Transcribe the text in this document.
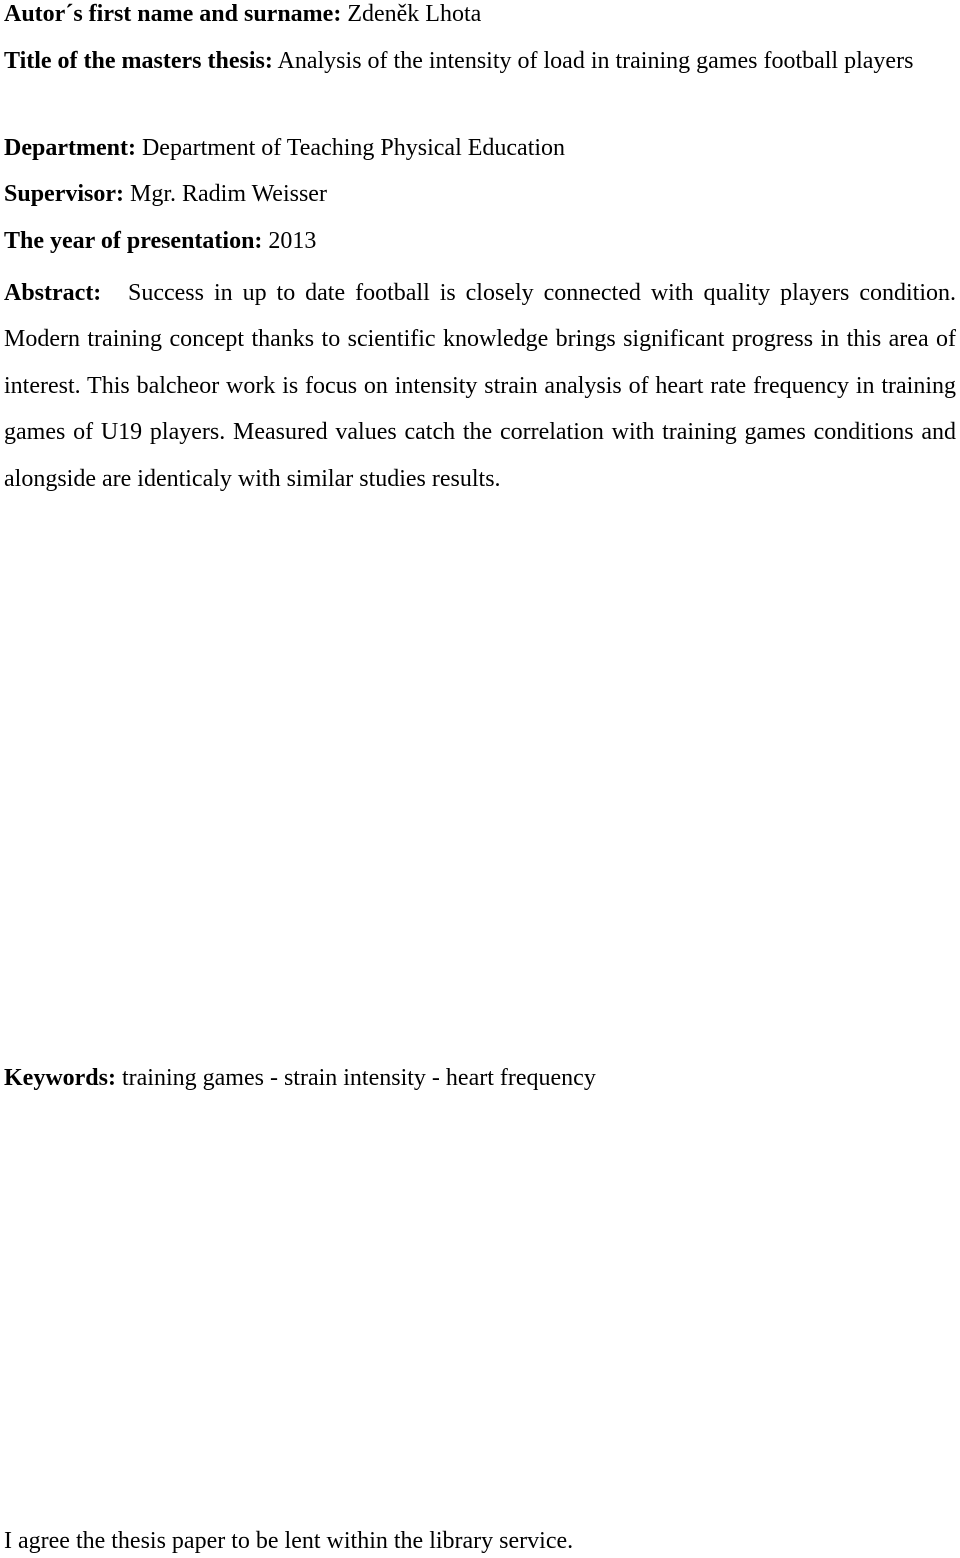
Autor´s first name and surname: Zdeněk Lhota
Title of the masters thesis: Analysis of the intensity of load in training games football players
Department: Department of Teaching Physical Education
Supervisor: Mgr. Radim Weisser
The year of presentation: 2013
Abstract: Success in up to date football is closely connected with quality players condition. Modern training concept thanks to scientific knowledge brings significant progress in this area of interest. This balcheor work is focus on intensity strain analysis of heart rate frequency in training games of U19 players. Measured values catch the correlation with training games conditions and alongside are identicaly with similar studies results.
Keywords: training games - strain intensity - heart frequency
I agree the thesis paper to be lent within the library service.
